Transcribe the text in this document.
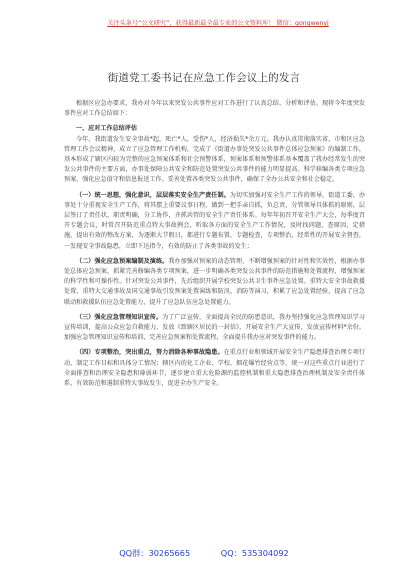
关注头条号“公文研究”，获得最新最全最专业的公文资料库！ 微信：gongwenyj
街道党工委书记在应急工作会议上的发言

根据区应急办要求，我办对今年以来突发公共事件应对工作进行了认真总结、分析和评估。现将今年度突发事件应对工作总结如下：

一、应对工作总结评估

今年，我街道发生安全事故*起，死亡*人，受伤*人，经济损失*余万元。我办认真贯彻落实省、市和区应急管理工作会议精神，成立了应急管理工作机构，完成了《街道办事处突发公共事件总体应急预案》的编制工作，基本形成了辖区内较为完整的应急预案体系和社会预警体系，预案体系和预警体系基本覆盖了我办经常发生的突发公共事件的主要方面，办事处保障公共安全和防范处置突发公共事件的能力明显提高。科学移编各类专项应急预案，强化应急值守和信息报送工作。妥善处置各类突发公共事件，确保了全办公共安全和社会稳定。

（一）统一思想，强化意识，层层落实安全生产责任制。为切实加强对安全生产工作的领导，街道工委、办事处十分重视安全生产工作，将其摆上重要议事日程，做到一把手亲自抓，负总责，分管领导具体抓的原则，层层签订了责任状，职责明确，分工协作，齐抓共管的安全生产责任体系。每年年初召开安全生产大会，每季度召开专题会议，时常召开防范重点特大事故例会，听取各方面的安全生产工作情况，及时找问题，查原因，定措施，提出有效的整改方案，为逐渐大节假日，都进行专题布置，专题检查，专项整治，经常性的开展安全督查，一发现安全事故隐患，立即下达指令，有效的防止了各类事故的发生；

（二）强化应急预案编制及演练。我办加强对预案的动态管理，不断增强预案的针对性和实效性，根据办事处总体应急预案，抓紧完善修编各类专项预案，进一步明确各类突发公共事件的防范措施和处置流程，增强预案的科学性和可操作性。针对突发公共事件，先后组织开展学校突发公共卫生事件应急处置、重特大安全事故救援处置、重特大交通事故及国交通事故引发预案处置演练和防汛、消防等演习，积累了应急处置经验，提高了应急联动和救援队伍应急处置能力，提升了应急队伍应急处置能力。

（三）强化应急管理知识宣传。为了广泛宣传，全面提高全民的防患意识，我办坚持强化应急管理知识学习宣传培训，提高公众应急自救能力，发放《致辖区居民的一封信》，开展安全生产大宣传，发放宣传材料*余份。加强应急管理知识宣传和培训，完善应急预案和处置流程，全面提升我办应对突发事件的能力。

（四）专项整治，突出重点，努力消除各种事故隐患。在重点行业和领域开展安全生产隐患排查治理专项行动，制定工作目标和具体分工情况；辖区内的化工企业、学校、烟花爆竹经营点等，统一对这些重点行业进行了全面排查和治理安全隐患和薄弱环节，逐步建立重大危险源的监控机制和重大隐患排查治理机制及安全责任体系，有效防范和遏制重特大事故发生，促进全办生产安全。

QQ群：30265665	QQ：535304092
